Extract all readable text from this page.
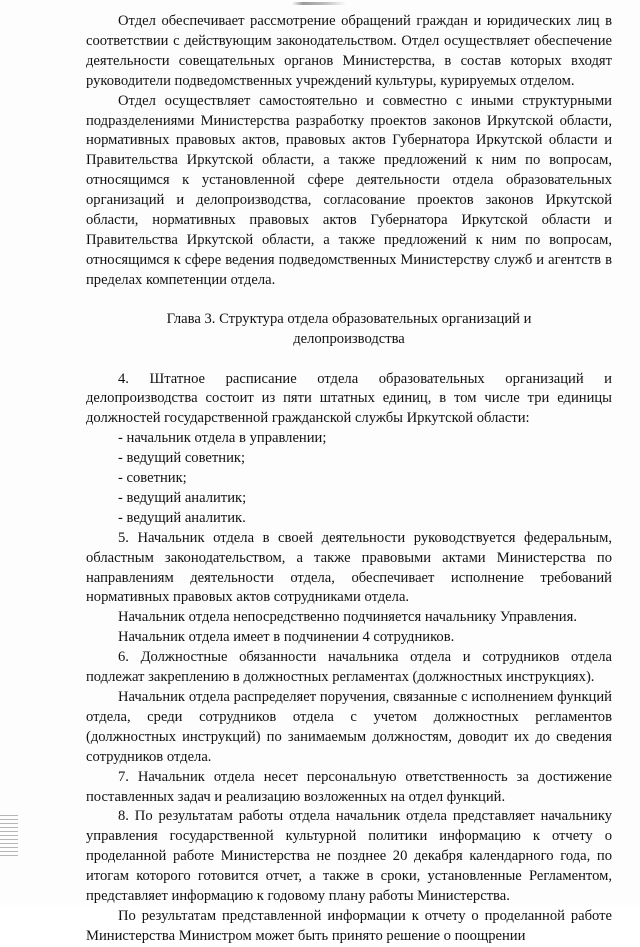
Отдел обеспечивает рассмотрение обращений граждан и юридических лиц в соответствии с действующим законодательством. Отдел осуществляет обеспечение деятельности совещательных органов Министерства, в состав которых входят руководители подведомственных учреждений культуры, курируемых отделом.

Отдел осуществляет самостоятельно и совместно с иными структурными подразделениями Министерства разработку проектов законов Иркутской области, нормативных правовых актов, правовых актов Губернатора Иркутской области и Правительства Иркутской области, а также предложений к ним по вопросам, относящимся к установленной сфере деятельности отдела образовательных организаций и делопроизводства, согласование проектов законов Иркутской области, нормативных правовых актов Губернатора Иркутской области и Правительства Иркутской области, а также предложений к ним по вопросам, относящимся к сфере ведения подведомственных Министерству служб и агентств в пределах компетенции отдела.

Глава 3. Структура отдела образовательных организаций и
делопроизводства

4. Штатное расписание отдела образовательных организаций и делопроизводства состоит из пяти штатных единиц, в том числе три единицы должностей государственной гражданской службы Иркутской области:

- начальник отдела в управлении;

- ведущий советник;

- советник;

- ведущий аналитик;

- ведущий аналитик.

5. Начальник отдела в своей деятельности руководствуется федеральным, областным законодательством, а также правовыми актами Министерства по направлениям деятельности отдела, обеспечивает исполнение требований нормативных правовых актов сотрудниками отдела.

Начальник отдела непосредственно подчиняется начальнику Управления.

Начальник отдела имеет в подчинении 4 сотрудников.

6. Должностные обязанности начальника отдела и сотрудников отдела подлежат закреплению в должностных регламентах (должностных инструкциях).

Начальник отдела распределяет поручения, связанные с исполнением функций отдела, среди сотрудников отдела с учетом должностных регламентов (должностных инструкций) по занимаемым должностям, доводит их до сведения сотрудников отдела.

7. Начальник отдела несет персональную ответственность за достижение поставленных задач и реализацию возложенных на отдел функций.

8. По результатам работы отдела начальник отдела представляет начальнику управления государственной культурной политики информацию к отчету о проделанной работе Министерства не позднее 20 декабря календарного года, по итогам которого готовится отчет, а также в сроки, установленные Регламентом, представляет информацию к годовому плану работы Министерства.

По результатам представленной информации к отчету о проделанной работе Министерства Министром может быть принято решение о поощрении
